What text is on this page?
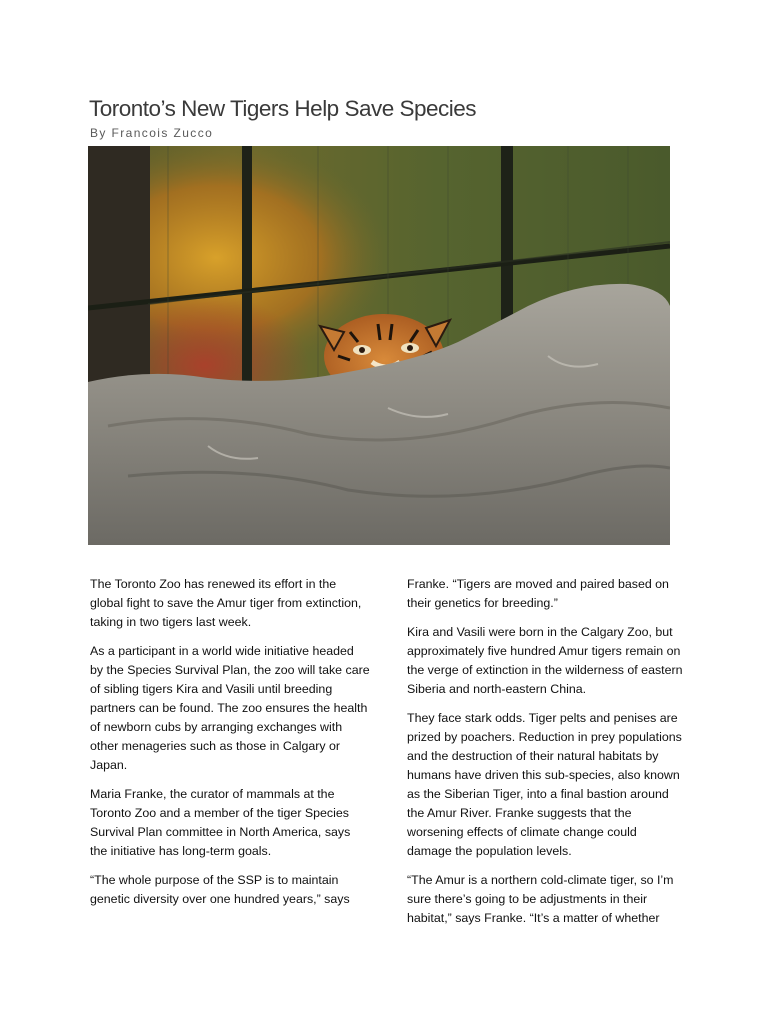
Toronto’s New Tigers Help Save Species
By Francois Zucco

The Toronto Zoo has renewed its effort in the global fight to save the Amur tiger from extinction, taking in two tigers last week.

As a participant in a world wide initiative headed by the Species Survival Plan, the zoo will take care of sibling tigers Kira and Vasili until breeding partners can be found. The zoo ensures the health of newborn cubs by arranging exchanges with other menageries such as those in Calgary or Japan.

Maria Franke, the curator of mammals at the Toronto Zoo and a member of the tiger Species Survival Plan committee in North America, says the initiative has long-term goals.

“The whole purpose of the SSP is to maintain genetic diversity over one hundred years,” says

Franke. “Tigers are moved and paired based on their genetics for breeding.”

Kira and Vasili were born in the Calgary Zoo, but approximately five hundred Amur tigers remain on the verge of extinction in the wilderness of eastern Siberia and north-eastern China.

They face stark odds. Tiger pelts and penises are prized by poachers. Reduction in prey populations and the destruction of their natural habitats by humans have driven this sub-species, also known as the Siberian Tiger, into a final bastion around the Amur River. Franke suggests that the worsening effects of climate change could damage the population levels.

“The Amur is a northern cold-climate tiger, so I’m sure there’s going to be adjustments in their habitat,” says Franke. “It’s a matter of whether
